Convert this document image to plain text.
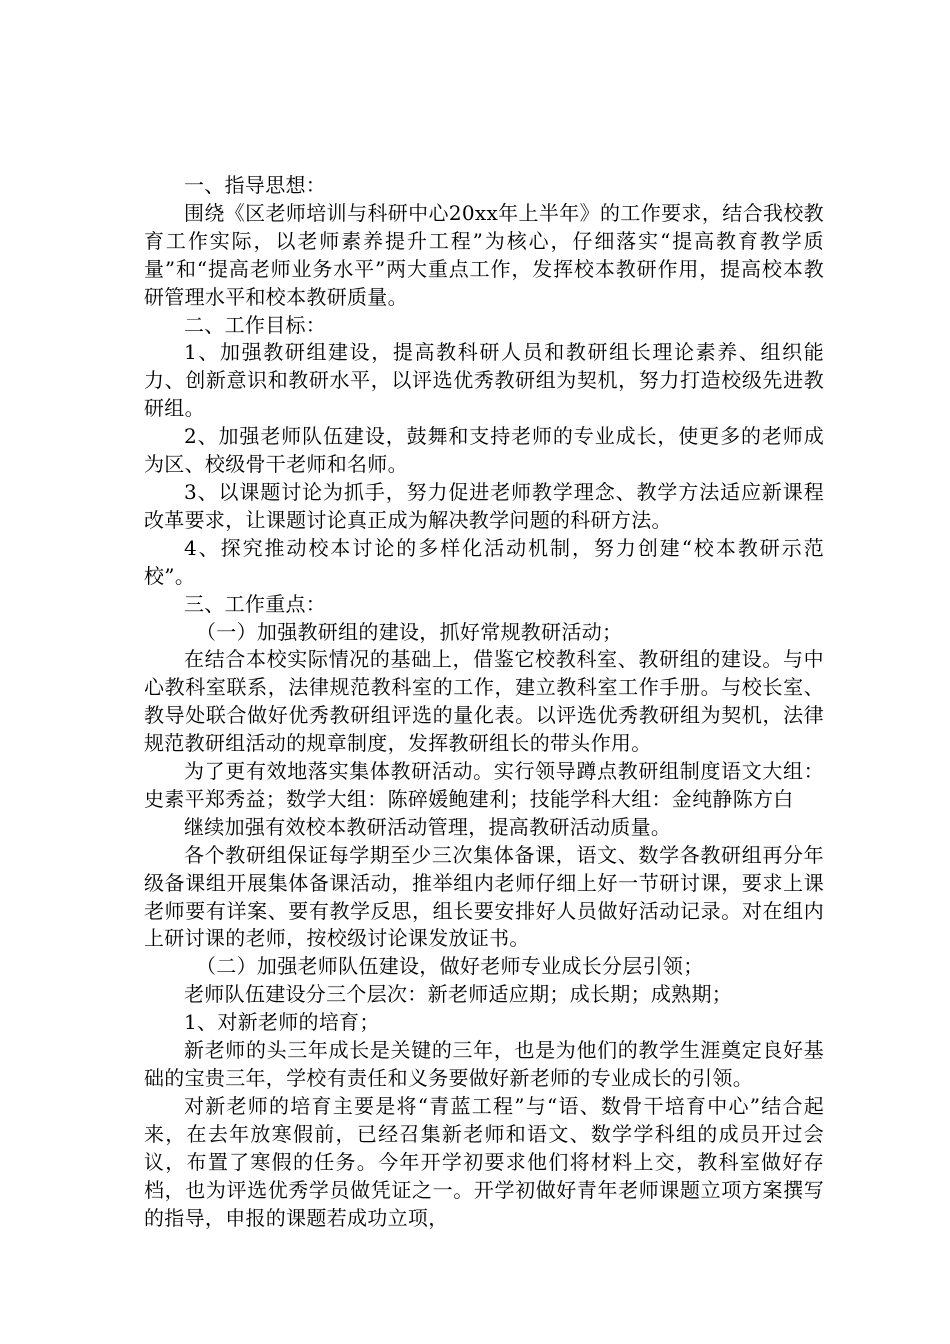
一、指导思想：

围绕《区老师培训与科研中心20xx年上半年》的工作要求，结合我校教育工作实际，以老师素养提升工程”为核心，仔细落实“提高教育教学质量”和“提高老师业务水平”两大重点工作，发挥校本教研作用，提高校本教研管理水平和校本教研质量。

二、工作目标：

1、加强教研组建设，提高教科研人员和教研组长理论素养、组织能力、创新意识和教研水平，以评选优秀教研组为契机，努力打造校级先进教研组。

2、加强老师队伍建设，鼓舞和支持老师的专业成长，使更多的老师成为区、校级骨干老师和名师。

3、以课题讨论为抓手，努力促进老师教学理念、教学方法适应新课程改革要求，让课题讨论真正成为解决教学问题的科研方法。

4、探究推动校本讨论的多样化活动机制，努力创建“校本教研示范校”。

三、工作重点：

（一）加强教研组的建设，抓好常规教研活动；

在结合本校实际情况的基础上，借鉴它校教科室、教研组的建设。与中心教科室联系，法律规范教科室的工作，建立教科室工作手册。与校长室、教导处联合做好优秀教研组评选的量化表。以评选优秀教研组为契机，法律规范教研组活动的规章制度，发挥教研组长的带头作用。

为了更有效地落实集体教研活动。实行领导蹲点教研组制度语文大组：史素平郑秀益；数学大组：陈碎媛鲍建利；技能学科大组：金纯静陈方白

继续加强有效校本教研活动管理，提高教研活动质量。

各个教研组保证每学期至少三次集体备课，语文、数学各教研组再分年级备课组开展集体备课活动，推举组内老师仔细上好一节研讨课，要求上课老师要有详案、要有教学反思，组长要安排好人员做好活动记录。对在组内上研讨课的老师，按校级讨论课发放证书。

（二）加强老师队伍建设，做好老师专业成长分层引领；

老师队伍建设分三个层次：新老师适应期；成长期；成熟期；

1、对新老师的培育；

新老师的头三年成长是关键的三年，也是为他们的教学生涯奠定良好基础的宝贵三年，学校有责任和义务要做好新老师的专业成长的引领。

对新老师的培育主要是将“青蓝工程”与“语、数骨干培育中心”结合起来，在去年放寒假前，已经召集新老师和语文、数学学科组的成员开过会议，布置了寒假的任务。今年开学初要求他们将材料上交，教科室做好存档，也为评选优秀学员做凭证之一。开学初做好青年老师课题立项方案撰写的指导，申报的课题若成功立项，
